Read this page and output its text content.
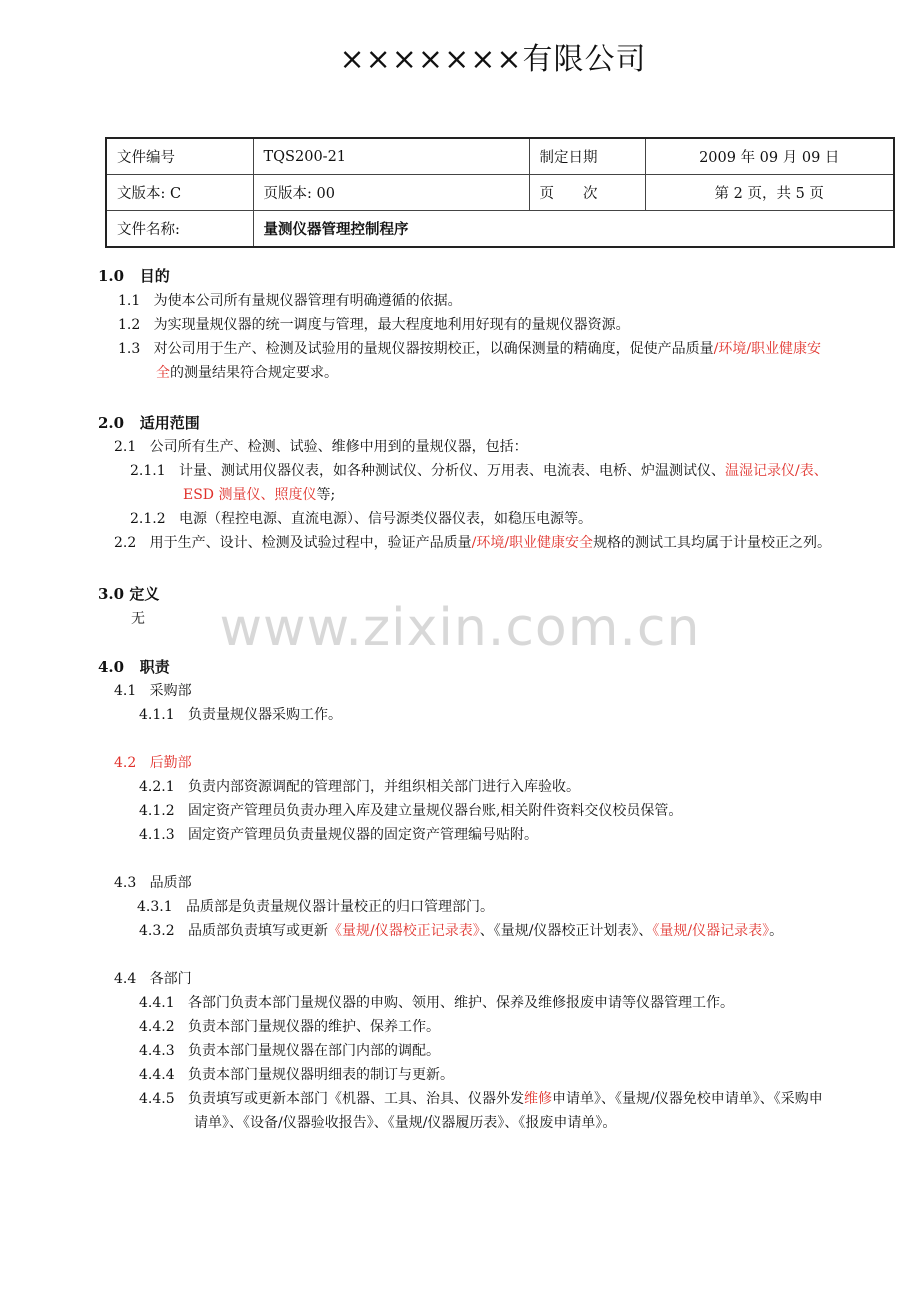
×××××××有限公司
文件编号	TQS200-21	制定日期	2009 年 09 月 09 日
文版本: C	页版本: 00	页　　次	第 2 页，共 5 页
文件名称:	量测仪器管理控制程序		
1.0 目的
1.1 为使本公司所有量规仪器管理有明确遵循的依据。
1.2 为实现量规仪器的统一调度与管理，最大程度地利用好现有的量规仪器资源。
1.3 对公司用于生产、检测及试验用的量规仪器按期校正，以确保测量的精确度，促使产品质量/环境/职业健康安
全的测量结果符合规定要求。
2.0 适用范围
2.1 公司所有生产、检测、试验、维修中用到的量规仪器，包括：
2.1.1 计量、测试用仪器仪表，如各种测试仪、分析仪、万用表、电流表、电桥、炉温测试仪、温湿记录仪/表、
ESD 测量仪、照度仪等;
2.1.2 电源（程控电源、直流电源）、信号源类仪器仪表，如稳压电源等。
2.2 用于生产、设计、检测及试验过程中，验证产品质量/环境/职业健康安全规格的测试工具均属于计量校正之列。
3.0 定义
无	www.zixin.com.cn
4.0 职责
4.1 采购部
4.1.1 负责量规仪器采购工作。
4.2 后勤部
4.2.1 负责内部资源调配的管理部门，并组织相关部门进行入库验收。
4.1.2 固定资产管理员负责办理入库及建立量规仪器台账,相关附件资料交仪校员保管。
4.1.3 固定资产管理员负责量规仪器的固定资产管理编号贴附。
4.3 品质部
4.3.1 品质部是负责量规仪器计量校正的归口管理部门。
4.3.2 品质部负责填写或更新《量规/仪器校正记录表》、《量规/仪器校正计划表》、《量规/仪器记录表》。
4.4 各部门
4.4.1 各部门负责本部门量规仪器的申购、领用、维护、保养及维修报废申请等仪器管理工作。
4.4.2 负责本部门量规仪器的维护、保养工作。
4.4.3 负责本部门量规仪器在部门内部的调配。
4.4.4 负责本部门量规仪器明细表的制订与更新。
4.4.5 负责填写或更新本部门《机器、工具、治具、仪器外发维修申请单》、《量规/仪器免校申请单》、《采购申
请单》、《设备/仪器验收报告》、《量规/仪器履历表》、《报废申请单》。
